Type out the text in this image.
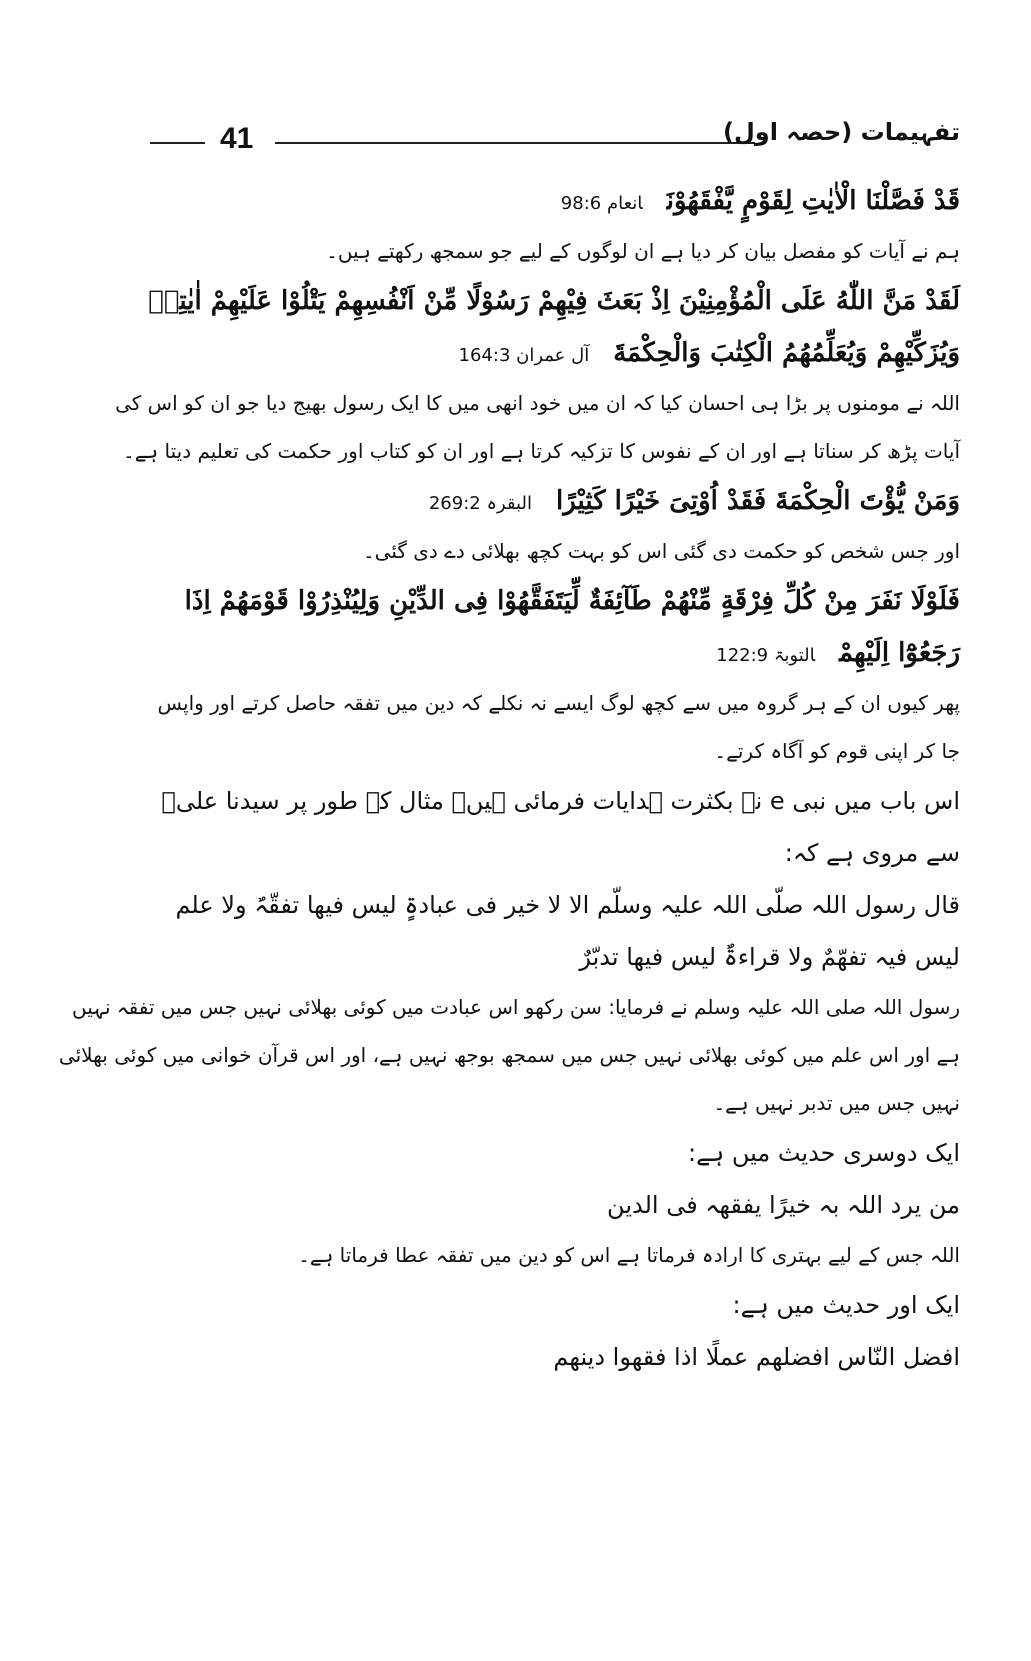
41	تفہیمات (حصہ اول)
قَدْ فَصَّلْنَا الْاٰیٰتِ لِقَوْمٍ یَّفْقَهُوْنَانعام 98:6
ہم نے آیات کو مفصل بیان کر دیا ہے ان لوگوں کے لیے جو سمجھ رکھتے ہیں۔
لَقَدْ مَنَّ اللّٰهُ عَلَى الْمُؤْمِنِیْنَ اِذْ بَعَثَ فِیْهِمْ رَسُوْلًا مِّنْ اَنْفُسِهِمْ یَتْلُوْا عَلَیْهِمْ اٰیٰتِهٖ
وَیُزَكِّیْهِمْ وَیُعَلِّمُهُمُ الْكِتٰبَ وَالْحِكْمَةَآل عمران 164:3
اللہ نے مومنوں پر بڑا ہی احسان کیا کہ ان میں خود انھی میں کا ایک رسول بھیج دیا جو ان کو اس کی
آیات پڑھ کر سناتا ہے اور ان کے نفوس کا تزکیہ کرتا ہے اور ان کو کتاب اور حکمت کی تعلیم دیتا ہے۔
وَمَنْ یُّؤْتَ الْحِكْمَةَ فَقَدْ اُوْتِیَ خَیْرًا كَثِیْرًاالبقرہ 269:2
اور جس شخص کو حکمت دی گئی اس کو بہت کچھ بھلائی دے دی گئی۔
فَلَوْلَا نَفَرَ مِنْ كُلِّ فِرْقَةٍ مِّنْهُمْ طَآئِفَةٌ لِّیَتَفَقَّهُوْا فِی الدِّیْنِ وَلِیُنْذِرُوْا قَوْمَهُمْ اِذَا
رَجَعُوْٓا اِلَیْهِمْالتوبۃ 122:9
پھر کیوں ان کے ہر گروہ میں سے کچھ لوگ ایسے نہ نکلے کہ دین میں تفقہ حاصل کرتے اور واپس
جا کر اپنی قوم کو آگاہ کرتے۔
اس باب میں نبی e نے بکثرت ہدایات فرمائی ہیں۔ مثال کے طور پر سیدنا علیؓ
سے مروی ہے کہ:
قال رسول اللہ صلّی اللہ علیہ وسلّم الا لا خیر فی عبادۃٍ لیس فیھا تفقّہٌ ولا علم
لیس فیہ تفھّمٌ ولا قراءۃٌ لیس فیھا تدبّرٌ
رسول اللہ صلی اللہ علیہ وسلم نے فرمایا: سن رکھو اس عبادت میں کوئی بھلائی نہیں جس میں تفقہ نہیں
ہے اور اس علم میں کوئی بھلائی نہیں جس میں سمجھ بوجھ نہیں ہے، اور اس قرآن خوانی میں کوئی بھلائی
نہیں جس میں تدبر نہیں ہے۔
ایک دوسری حدیث میں ہے:
من یرد اللہ بہ خیرًا یفقھہ فی الدین
اللہ جس کے لیے بہتری کا ارادہ فرماتا ہے اس کو دین میں تفقہ عطا فرماتا ہے۔
ایک اور حدیث میں ہے:
افضل النّاس افضلھم عملًا اذا فقھوا دینھم
